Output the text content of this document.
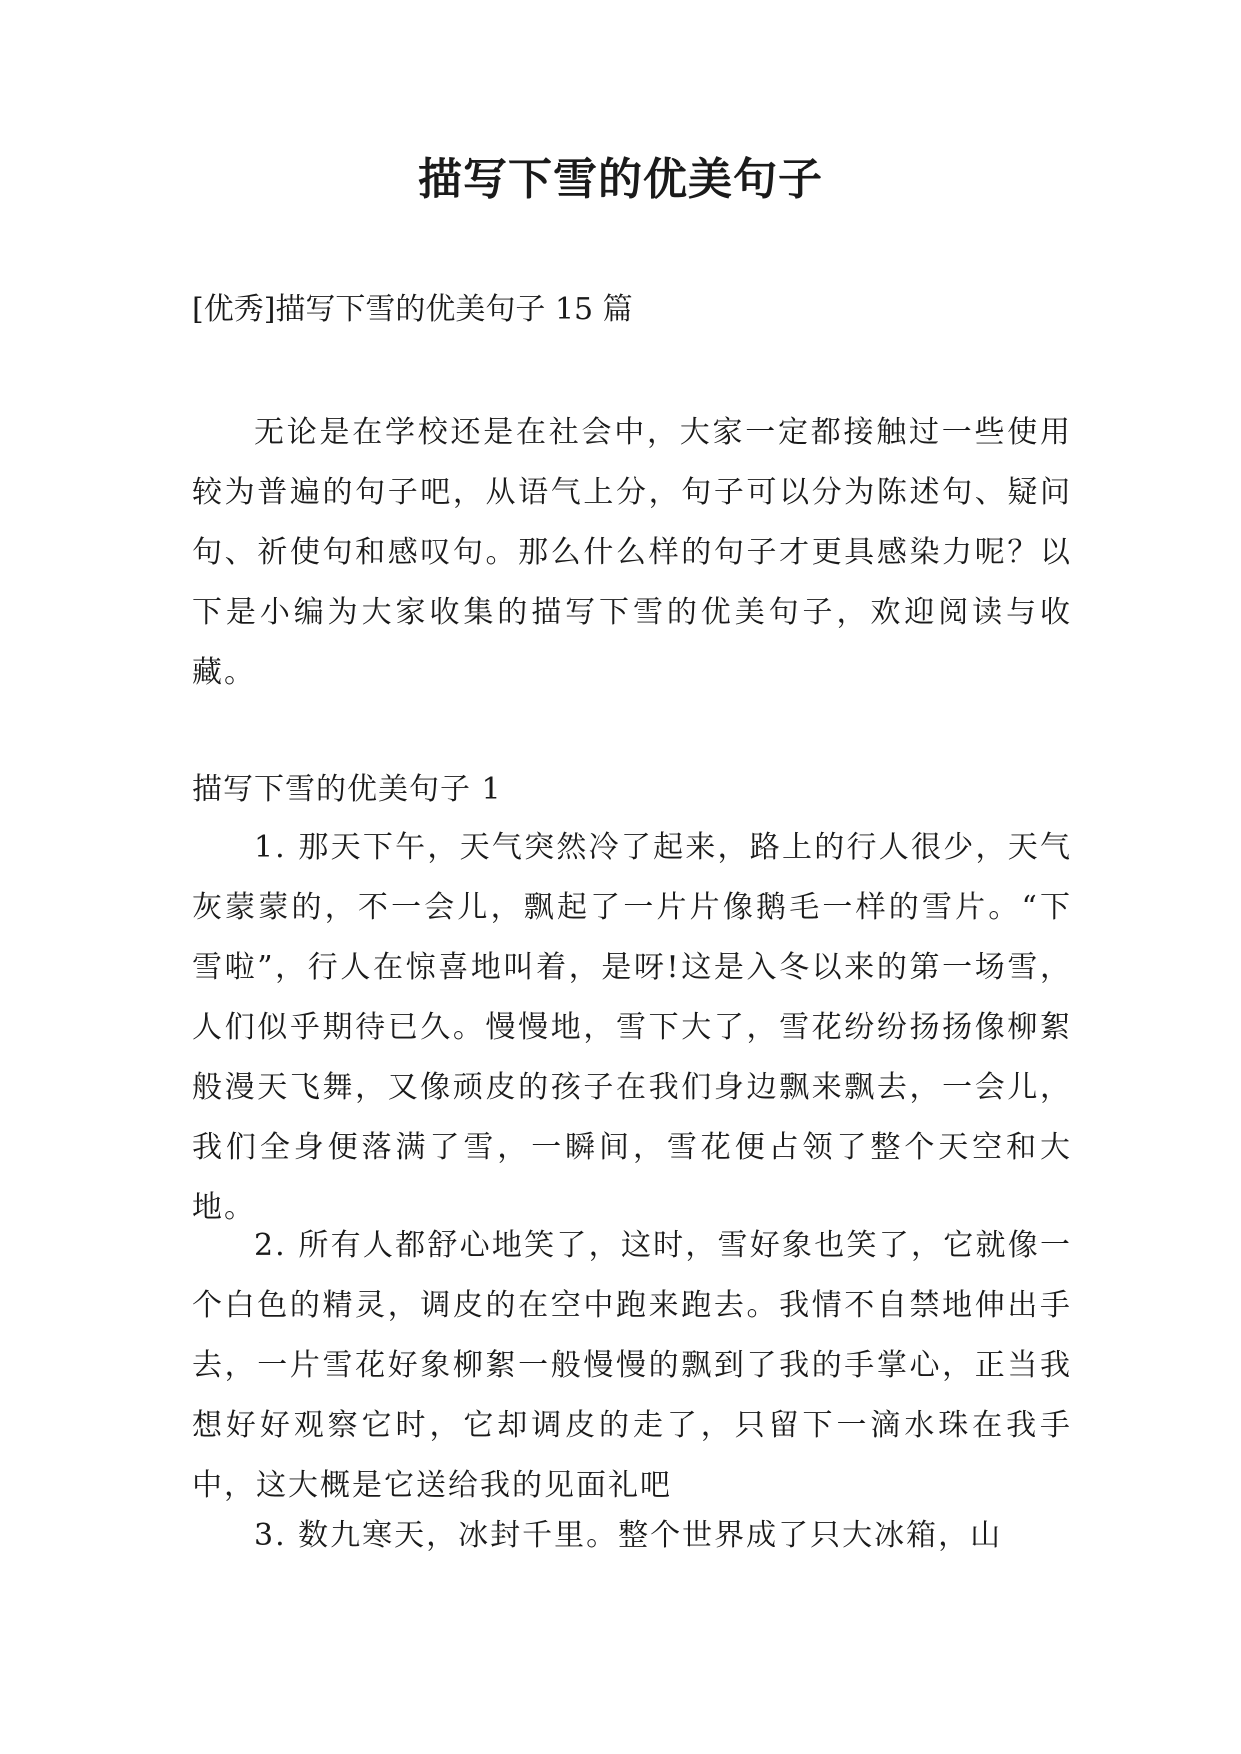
描写下雪的优美句子
[优秀]描写下雪的优美句子 15 篇

无论是在学校还是在社会中，大家一定都接触过一些使用较为普遍的句子吧，从语气上分，句子可以分为陈述句、疑问句、祈使句和感叹句。那么什么样的句子才更具感染力呢？以下是小编为大家收集的描写下雪的优美句子，欢迎阅读与收藏。

描写下雪的优美句子 1

1. 那天下午，天气突然冷了起来，路上的行人很少，天气灰蒙蒙的，不一会儿，飘起了一片片像鹅毛一样的雪片。“下雪啦”，行人在惊喜地叫着，是呀!这是入冬以来的第一场雪，人们似乎期待已久。慢慢地，雪下大了，雪花纷纷扬扬像柳絮般漫天飞舞，又像顽皮的孩子在我们身边飘来飘去，一会儿，我们全身便落满了雪，一瞬间，雪花便占领了整个天空和大地。

2. 所有人都舒心地笑了，这时，雪好象也笑了，它就像一个白色的精灵，调皮的在空中跑来跑去。我情不自禁地伸出手去，一片雪花好象柳絮一般慢慢的飘到了我的手掌心，正当我想好好观察它时，它却调皮的走了，只留下一滴水珠在我手中，这大概是它送给我的见面礼吧

3. 数九寒天，冰封千里。整个世界成了只大冰箱，山
